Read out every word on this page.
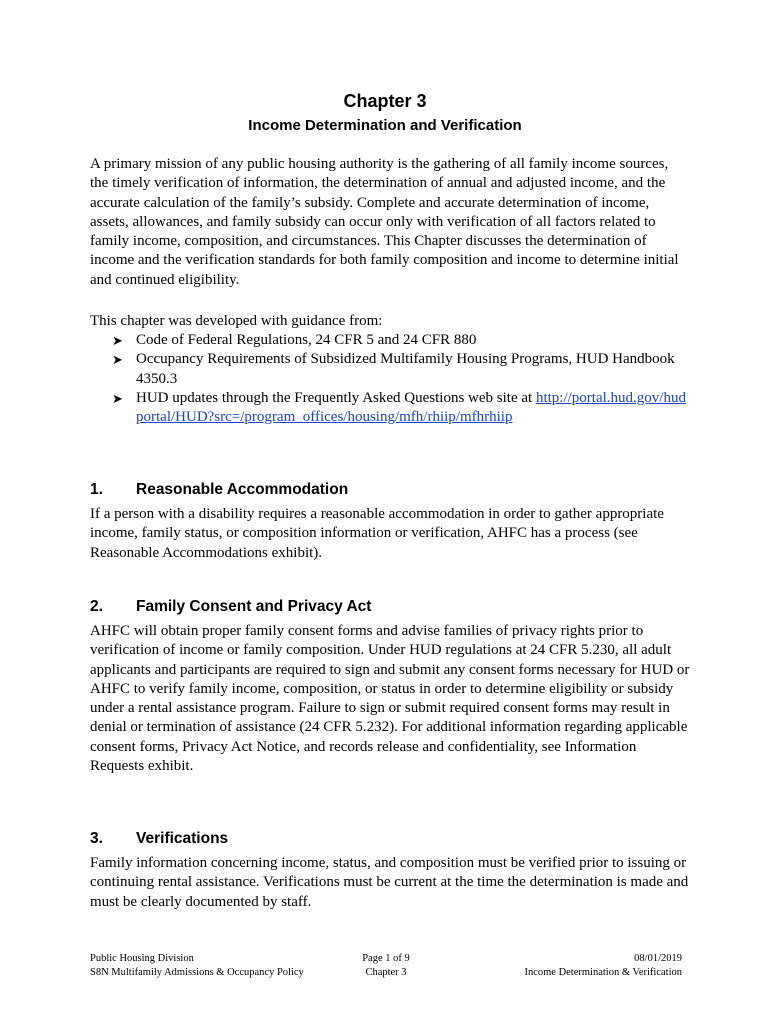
Chapter 3
Income Determination and Verification

A primary mission of any public housing authority is the gathering of all family income sources, the timely verification of information, the determination of annual and adjusted income, and the accurate calculation of the family’s subsidy. Complete and accurate determination of income, assets, allowances, and family subsidy can occur only with verification of all factors related to family income, composition, and circumstances. This Chapter discusses the determination of income and the verification standards for both family composition and income to determine initial and continued eligibility.

This chapter was developed with guidance from:

➤ Code of Federal Regulations, 24 CFR 5 and 24 CFR 880
➤ Occupancy Requirements of Subsidized Multifamily Housing Programs, HUD Handbook 4350.3
➤ HUD updates through the Frequently Asked Questions web site at http://portal.hud.gov/hudportal/HUD?src=/program_offices/housing/mfh/rhiip/mfhrhiip
1. Reasonable Accommodation

If a person with a disability requires a reasonable accommodation in order to gather appropriate income, family status, or composition information or verification, AHFC has a process (see Reasonable Accommodations exhibit).

2. Family Consent and Privacy Act

AHFC will obtain proper family consent forms and advise families of privacy rights prior to verification of income or family composition. Under HUD regulations at 24 CFR 5.230, all adult applicants and participants are required to sign and submit any consent forms necessary for HUD or AHFC to verify family income, composition, or status in order to determine eligibility or subsidy under a rental assistance program. Failure to sign or submit required consent forms may result in denial or termination of assistance (24 CFR 5.232). For additional information regarding applicable consent forms, Privacy Act Notice, and records release and confidentiality, see Information Requests exhibit.

3. Verifications

Family information concerning income, status, and composition must be verified prior to issuing or continuing rental assistance. Verifications must be current at the time the determination is made and must be clearly documented by staff.

Public Housing Division
S8N Multifamily Admissions & Occupancy Policy
Page 1 of 9
Chapter 3
08/01/2019
Income Determination & Verification
